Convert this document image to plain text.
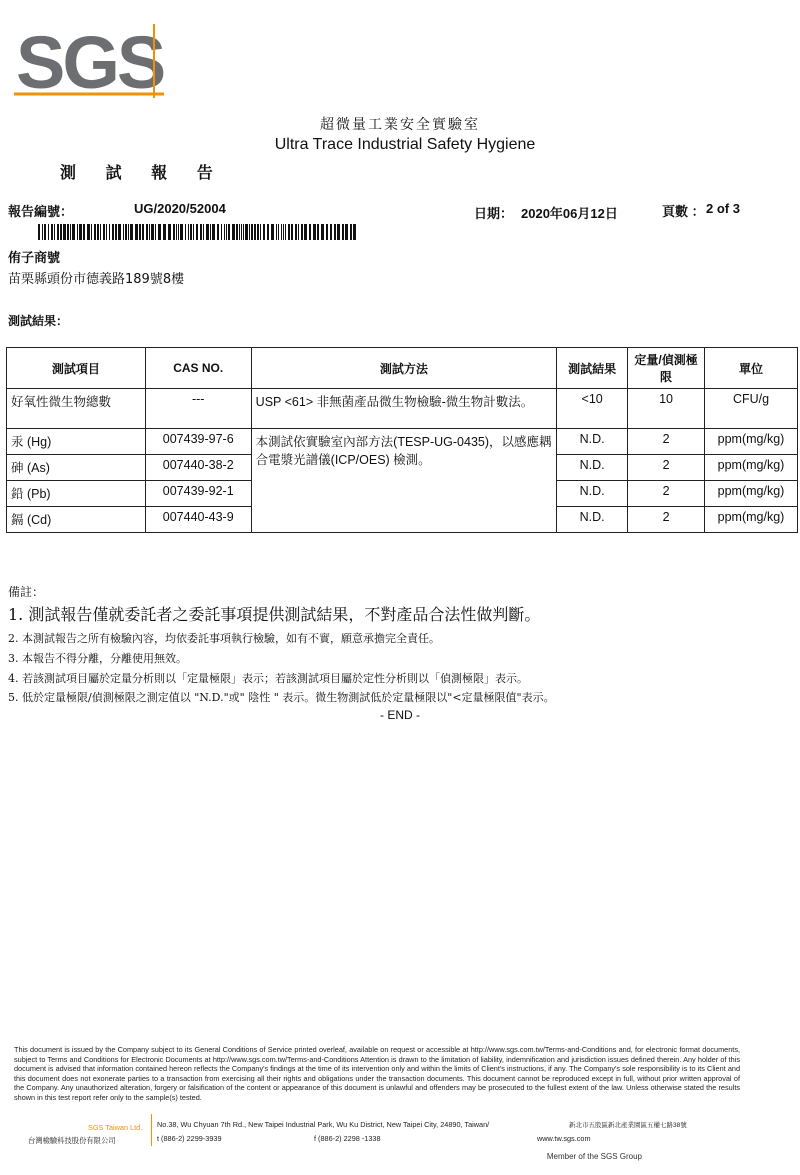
SGS
超微量工業安全實驗室
Ultra Trace Industrial Safety Hygiene
測 試 報 告
報告編號：	UG/2020/52004	日期： 2020年06月12日	頁數 ： 2 of 3
侑子商號
苗栗縣頭份市德義路189號8樓
測試結果：
測試項目	CAS NO.	測試方法	測試結果	定量/偵測極限	單位
好氧性微生物總數	---	USP <61> 非無菌產品微生物檢驗-微生物計數法。	<10	10	CFU/g
汞 (Hg)	007439-97-6	本測試依實驗室內部方法(TESP-UG-0435)，以感應耦合電漿光譜儀(ICP/OES) 檢測。	N.D.	2	ppm(mg/kg)
砷 (As)	007440-38-2		N.D.	2	ppm(mg/kg)
鉛 (Pb)	007439-92-1		N.D.	2	ppm(mg/kg)
鎘 (Cd)	007440-43-9		N.D.	2	ppm(mg/kg)
備註：
1. 測試報告僅就委託者之委託事項提供測試結果，不對產品合法性做判斷。
2. 本測試報告之所有檢驗內容，均依委託事項執行檢驗，如有不實，願意承擔完全責任。
3. 本報告不得分離，分離使用無效。
4. 若該測試項目屬於定量分析則以「定量極限」表示；若該測試項目屬於定性分析則以「偵測極限」表示。
5. 低於定量極限/偵測極限之測定值以 "N.D."或" 陰性 " 表示。微生物測試低於定量極限以"<定量極限值"表示。
- END -
This document is issued by the Company subject to its General Conditions of Service printed overleaf, available on request or accessible at http://www.sgs.com.tw/Terms-and-Conditions and, for electronic format documents, subject to Terms and Conditions for Electronic Documents at http://www.sgs.com.tw/Terms-and-Conditions Attention is drawn to the limitation of liability, indemnification and jurisdiction issues defined therein. Any holder of this document is advised that information contained hereon reflects the Company's findings at the time of its intervention only and within the limits of Client's instructions, if any. The Company's sole responsibility is to its Client and this document does not exonerate parties to a transaction from exercising all their rights and obligations under the transaction documents. This document cannot be reproduced except in full, without prior written approval of the Company. Any unauthorized alteration, forgery or falsification of the content or appearance of this document is unlawful and offenders may be prosecuted to the fullest extent of the law. Unless otherwise stated the results shown in this test report refer only to the sample(s) tested.
SGS Taiwan Ltd.
台灣檢驗科技股份有限公司
No.38, Wu Chyuan 7th Rd., New Taipei Industrial Park, Wu Ku District, New Taipei City, 24890, Taiwan/	新北市五股區新北產業園區五權七路38號
t (886-2) 2299-3939	f (886-2) 2298 -1338	www.tw.sgs.com
Member of the SGS Group
